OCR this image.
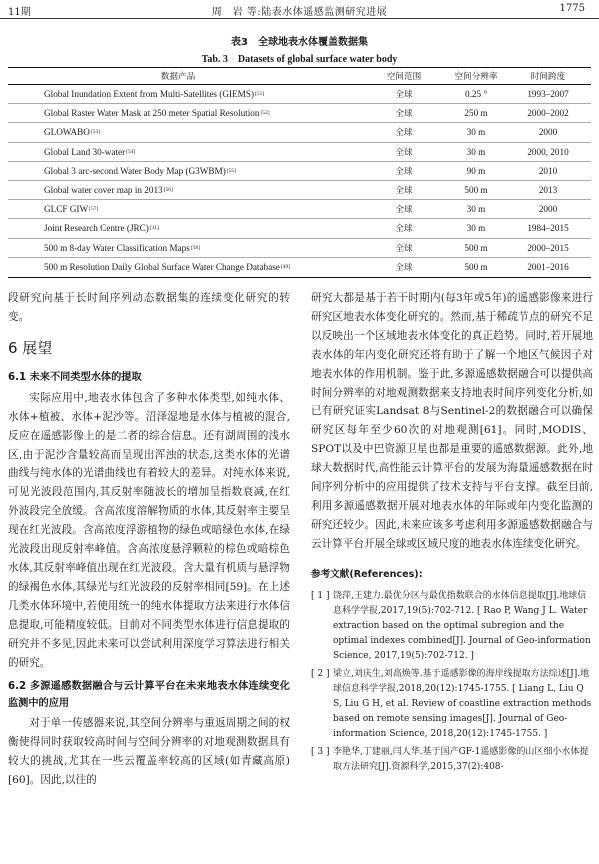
11期	周　岩 等:陆表水体遥感监测研究进展	1775
表3　全球地表水体覆盖数据集
Tab. 3　Datasets of global surface water body
数据产品	空间范围	空间分辨率	时间跨度
Global Inundation Extent from Multi-Satellites (GIEMS) [51]	全球	0.25 °	1993–2007
Global Raster Water Mask at 250 meter Spatial Resolution [52]	全球	250 m	2000–2002
GLOWABO [53]	全球	30 m	2000
Global Land 30-water [54]	全球	30 m	2000, 2010
Global 3 arc-second Water Body Map (G3WBM) [55]	全球	90 m	2010
Global water cover map in 2013 [56]	全球	500 m	2013
GLCF GIW [57]	全球	30 m	2000
Joint Research Centre (JRC) [11]	全球	30 m	1984–2015
500 m 8-day Water Classification Maps [58]	全球	500 m	2000–2015
500 m Resolution Daily Global Surface Water Change Database [49]	全球	500 m	2001–2016

段研究向基于长时间序列动态数据集的连续变化研究的转变。

6 展望
6.1 未来不同类型水体的提取

实际应用中,地表水体包含了多种水体类型,如纯水体、水体+植被、水体+泥沙等。沼泽湿地是水体与植被的混合,反应在遥感影像上的是二者的综合信息。还有湖周围的浅水区,由于泥沙含量较高而呈现出浑浊的状态,这类水体的光谱曲线与纯水体的光谱曲线也有着较大的差异。对纯水体来说,可见光波段范围内,其反射率随波长的增加呈指数衰减,在红外波段完全放缓。含高浓度溶解物质的水体,其反射率主要呈现在红光波段。含高浓度浮游植物的绿色或暗绿色水体,在绿光波段出现反射率峰值。含高浓度悬浮颗粒的棕色或暗棕色水体,其反射率峰值出现在红光波段。含大量有机质与悬浮物的绿褐色水体,其绿光与红光波段的反射率相同[59]。在上述几类水体环境中,若使用统一的纯水体提取方法来进行水体信息提取,可能精度较低。目前对不同类型水体进行信息提取的研究并不多见,因此未来可以尝试利用深度学习算法进行相关的研究。

6.2 多源遥感数据融合与云计算平台在未来地表水体连续变化监测中的应用

对于单一传感器来说,其空间分辨率与重返周期之间的权衡使得同时获取较高时间与空间分辨率的对地观测数据具有较大的挑战,尤其在一些云覆盖率较高的区域(如青藏高原)[60]。因此,以往的

研究大都是基于若干时期内(每3年或5年)的遥感影像来进行研究区地表水体变化研究的。然而,基于稀疏节点的研究不足以反映出一个区域地表水体变化的真正趋势。同时,若开展地表水体的年内变化研究还将有助于了解一个地区气候因子对地表水体的作用机制。鉴于此,多源遥感数据融合可以提供高时间分辨率的对地观测数据来支持地表时间序列变化分析,如已有研究证实Landsat 8与Sentinel-2的数据融合可以确保研究区每年至少60次的对地观测[61]。同时,MODIS、SPOT以及中巴资源卫星也都是重要的遥感数据源。此外,地球大数据时代,高性能云计算平台的发展为海量遥感数据在时间序列分析中的应用提供了技术支持与平台支撑。截至目前,利用多源遥感数据开展对地表水体的年际或年内变化监测的研究还较少。因此,未来应该多考虑利用多源遥感数据融合与云计算平台开展全球或区域尺度的地表水体连续变化研究。

参考文献(References):
[ 1 ] 饶萍,王建力.最优分区与最优指数联合的水体信息提取[J].地球信息科学学报,2017,19(5):702-712. [ Rao P, Wang J L. Water extraction based on the optimal subregion and the optimal indexes combined[J]. Journal of Geo-information Science, 2017,19(5):702-712. ]
[ 2 ] 梁立,刘庆生,刘高焕等.基于遥感影像的海岸线提取方法综述[J].地球信息科学学报,2018,20(12):1745-1755. [ Liang L, Liu Q S, Liu G H, et al. Review of coastline extraction methods based on remote sensing images[J]. Journal of Geo-information Science, 2018,20(12):1745-1755. ]
[ 3 ] 李艳华,丁建丽,闫人华.基于国产GF-1遥感影像的山区细小水体提取方法研究[J].资源科学,2015,37(2):408-
